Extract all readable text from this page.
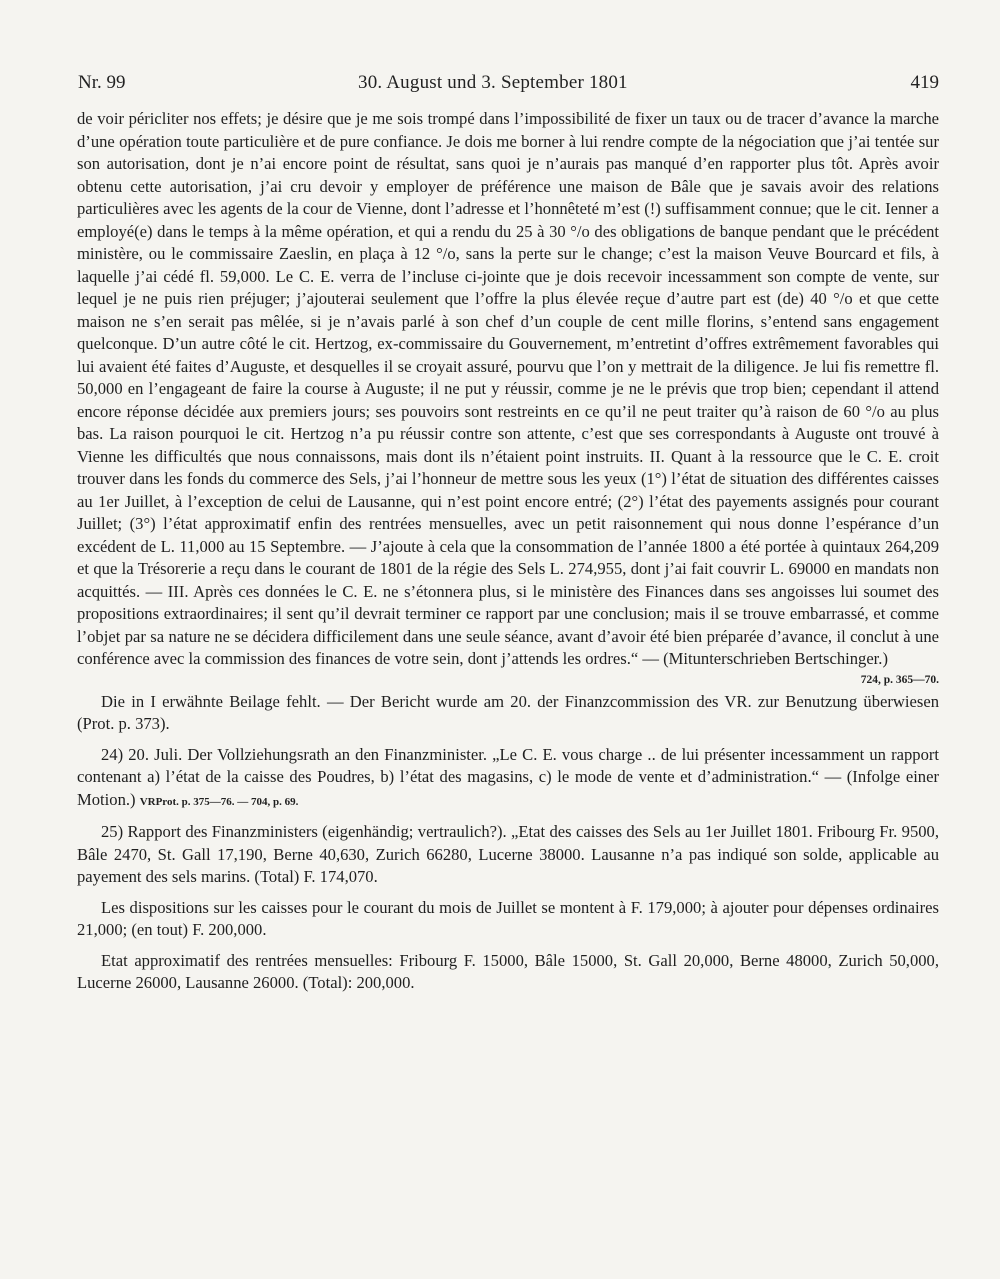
Nr. 99	30. August und 3. September 1801	419

de voir péricliter nos effets; je désire que je me sois trompé dans l’impossibilité de fixer un taux ou de tracer d’avance la marche d’une opération toute particulière et de pure confiance. Je dois me borner à lui rendre compte de la négociation que j’ai tentée sur son autorisation, dont je n’ai encore point de résultat, sans quoi je n’aurais pas manqué d’en rapporter plus tôt. Après avoir obtenu cette autorisation, j’ai cru devoir y employer de préférence une maison de Bâle que je savais avoir des relations particulières avec les agents de la cour de Vienne, dont l’adresse et l’honnêteté m’est (!) suffisamment connue; que le cit. Ienner a employé(e) dans le temps à la même opération, et qui a rendu du 25 à 30 °/o des obligations de banque pendant que le précédent ministère, ou le commissaire Zaeslin, en plaça à 12 °/o, sans la perte sur le change; c’est la maison Veuve Bourcard et fils, à laquelle j’ai cédé fl. 59,000. Le C. E. verra de l’incluse ci-jointe que je dois recevoir incessamment son compte de vente, sur lequel je ne puis rien préjuger; j’ajouterai seulement que l’offre la plus élevée reçue d’autre part est (de) 40 °/o et que cette maison ne s’en serait pas mêlée, si je n’avais parlé à son chef d’un couple de cent mille florins, s’entend sans engagement quelconque. D’un autre côté le cit. Hertzog, ex-commissaire du Gouvernement, m’entretint d’offres extrêmement favorables qui lui avaient été faites d’Auguste, et desquelles il se croyait assuré, pourvu que l’on y mettrait de la diligence. Je lui fis remettre fl. 50,000 en l’engageant de faire la course à Auguste; il ne put y réussir, comme je ne le prévis que trop bien; cependant il attend encore réponse décidée aux premiers jours; ses pouvoirs sont restreints en ce qu’il ne peut traiter qu’à raison de 60 °/o au plus bas. La raison pourquoi le cit. Hertzog n’a pu réussir contre son attente, c’est que ses correspondants à Auguste ont trouvé à Vienne les difficultés que nous connaissons, mais dont ils n’étaient point instruits. II. Quant à la ressource que le C. E. croit trouver dans les fonds du commerce des Sels, j’ai l’honneur de mettre sous les yeux (1°) l’état de situation des différentes caisses au 1er Juillet, à l’exception de celui de Lausanne, qui n’est point encore entré; (2°) l’état des payements assignés pour courant Juillet; (3°) l’état approximatif enfin des rentrées mensuelles, avec un petit raisonnement qui nous donne l’espérance d’un excédent de L. 11,000 au 15 Septembre. — J’ajoute à cela que la consommation de l’année 1800 a été portée à quintaux 264,209 et que la Trésorerie a reçu dans le courant de 1801 de la régie des Sels L. 274,955, dont j’ai fait couvrir L. 69000 en mandats non acquittés. — III. Après ces données le C. E. ne s’étonnera plus, si le ministère des Finances dans ses angoisses lui soumet des propositions extraordinaires; il sent qu’il devrait terminer ce rapport par une conclusion; mais il se trouve embarrassé, et comme l’objet par sa nature ne se décidera difficilement dans une seule séance, avant d’avoir été bien préparée d’avance, il conclut à une conférence avec la commission des finances de votre sein, dont j’attends les ordres.“ — (Mitunterschrieben Bertschinger.)

724, p. 365—70.

Die in I erwähnte Beilage fehlt. — Der Bericht wurde am 20. der Finanzcommission des VR. zur Benutzung überwiesen (Prot. p. 373).

24) 20. Juli. Der Vollziehungsrath an den Finanzminister. „Le C. E. vous charge .. de lui présenter incessamment un rapport contenant a) l’état de la caisse des Poudres, b) l’état des magasins, c) le mode de vente et d’administration.“ — (Infolge einer Motion.) VRProt. p. 375—76. — 704, p. 69.

25) Rapport des Finanzministers (eigenhändig; vertraulich?). „Etat des caisses des Sels au 1er Juillet 1801. Fribourg Fr. 9500, Bâle 2470, St. Gall 17,190, Berne 40,630, Zurich 66280, Lucerne 38000. Lausanne n’a pas indiqué son solde, applicable au payement des sels marins. (Total) F. 174,070.

Les dispositions sur les caisses pour le courant du mois de Juillet se montent à F. 179,000; à ajouter pour dépenses ordinaires 21,000; (en tout) F. 200,000.

Etat approximatif des rentrées mensuelles: Fribourg F. 15000, Bâle 15000, St. Gall 20,000, Berne 48000, Zurich 50,000, Lucerne 26000, Lausanne 26000. (Total): 200,000.
